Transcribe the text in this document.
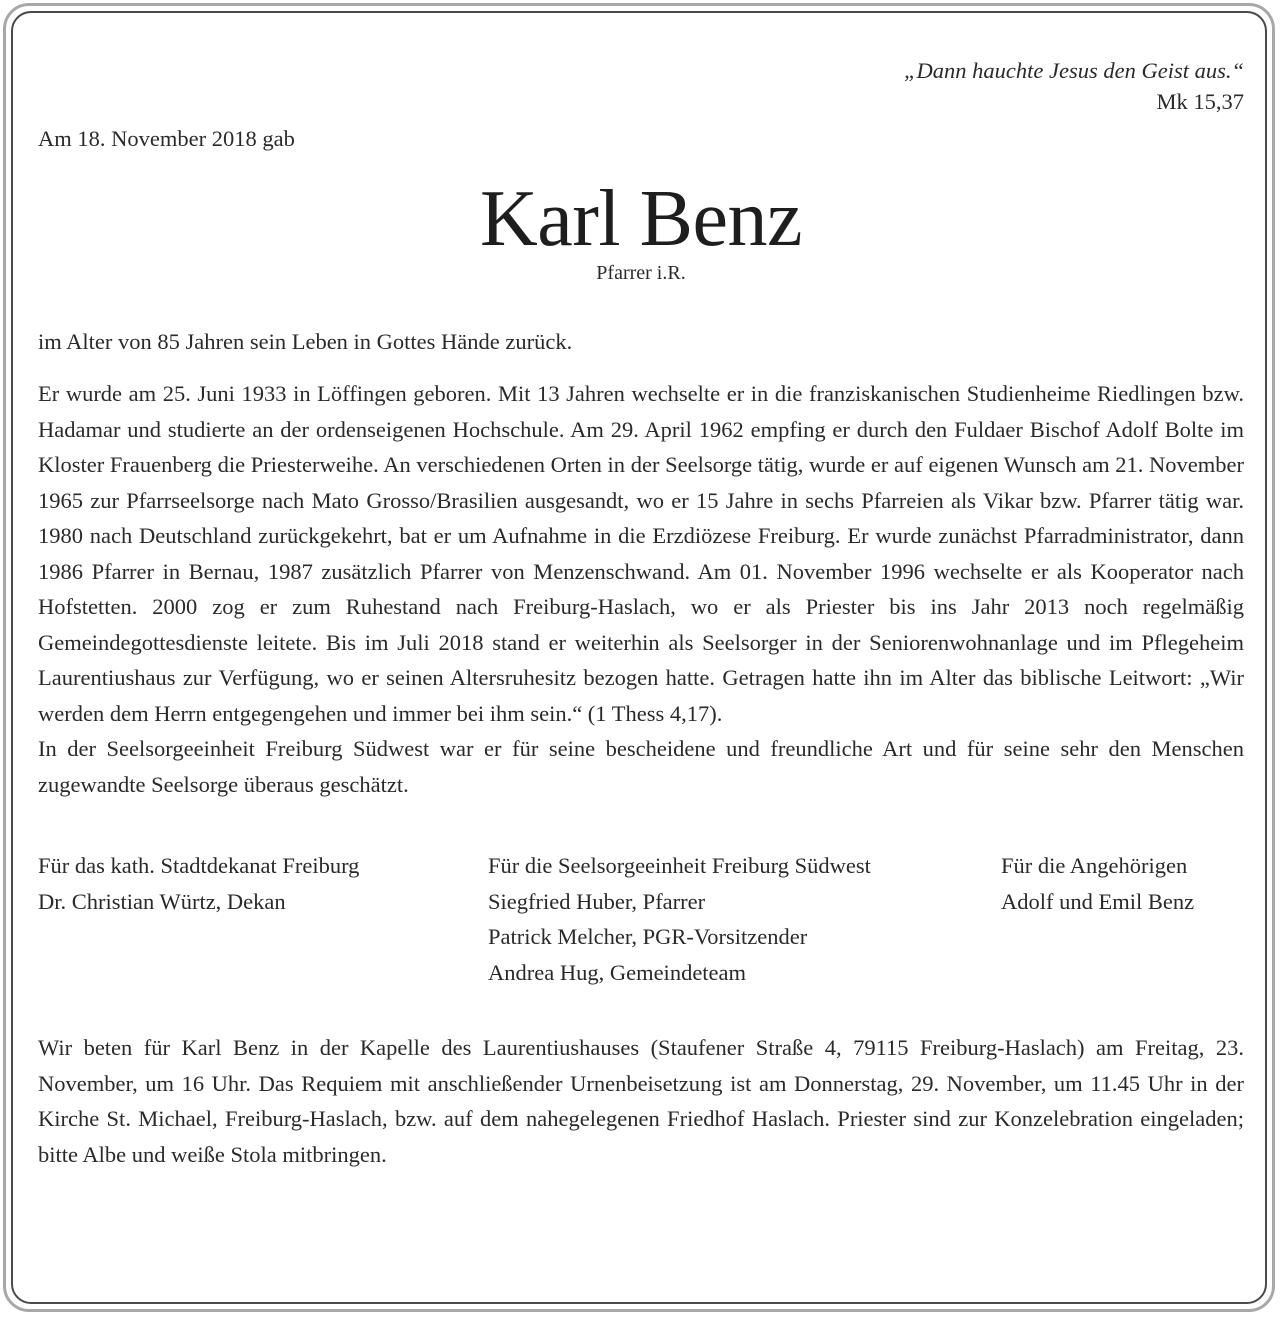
„Dann hauchte Jesus den Geist aus.“
Mk 15,37
Am 18. November 2018 gab
Karl Benz
Pfarrer i.R.
im Alter von 85 Jahren sein Leben in Gottes Hände zurück.
Er wurde am 25. Juni 1933 in Löffingen geboren. Mit 13 Jahren wechselte er in die franziskanischen Studienheime Riedlingen bzw. Hadamar und studierte an der ordenseigenen Hochschule. Am 29. April 1962 empfing er durch den Fuldaer Bischof Adolf Bolte im Kloster Frauenberg die Priesterweihe. An verschiedenen Orten in der Seelsorge tätig, wurde er auf eigenen Wunsch am 21. November 1965 zur Pfarrseelsorge nach Mato Grosso/Brasilien ausgesandt, wo er 15 Jahre in sechs Pfarreien als Vikar bzw. Pfarrer tätig war. 1980 nach Deutschland zurückgekehrt, bat er um Aufnahme in die Erzdiözese Freiburg. Er wurde zunächst Pfarradministrator, dann 1986 Pfarrer in Bernau, 1987 zusätzlich Pfarrer von Menzenschwand. Am 01. November 1996 wechselte er als Kooperator nach Hofstetten. 2000 zog er zum Ruhestand nach Freiburg-Haslach, wo er als Priester bis ins Jahr 2013 noch regelmäßig Gemeindegottesdienste leitete. Bis im Juli 2018 stand er weiterhin als Seelsorger in der Seniorenwohnanlage und im Pflegeheim Laurentiushaus zur Verfügung, wo er seinen Altersruhesitz bezogen hatte. Getragen hatte ihn im Alter das biblische Leitwort: „Wir werden dem Herrn entgegengehen und immer bei ihm sein.“ (1 Thess 4,17).
In der Seelsorgeeinheit Freiburg Südwest war er für seine bescheidene und freundliche Art und für seine sehr den Menschen zugewandte Seelsorge überaus geschätzt.
Für das kath. Stadtdekanat Freiburg
Dr. Christian Würtz, Dekan
Für die Seelsorgeeinheit Freiburg Südwest
Siegfried Huber, Pfarrer
Patrick Melcher, PGR-Vorsitzender
Andrea Hug, Gemeindeteam
Für die Angehörigen
Adolf und Emil Benz
Wir beten für Karl Benz in der Kapelle des Laurentiushauses (Staufener Straße 4, 79115 Freiburg-Haslach) am Freitag, 23. November, um 16 Uhr. Das Requiem mit anschließender Urnenbeisetzung ist am Donnerstag, 29. November, um 11.45 Uhr in der Kirche St. Michael, Freiburg-Haslach, bzw. auf dem nahegelegenen Friedhof Haslach. Priester sind zur Konzelebration eingeladen; bitte Albe und weiße Stola mitbringen.
